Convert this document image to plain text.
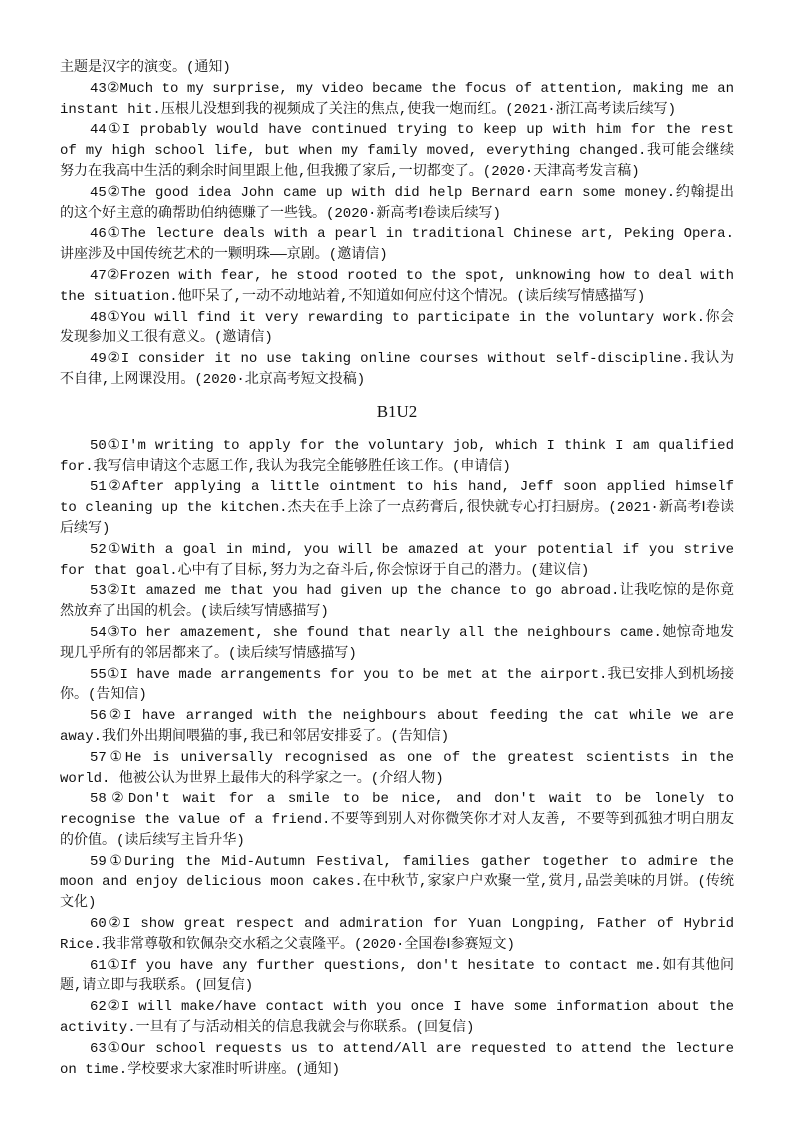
主题是汉字的演变。(通知)

43②Much to my surprise, my video became the focus of attention, making me an instant hit.压根儿没想到我的视频成了关注的焦点,使我一炮而红。(2021·浙江高考读后续写)

44①I probably would have continued trying to keep up with him for the rest of my high school life, but when my family moved, everything changed.我可能会继续努力在我高中生活的剩余时间里跟上他,但我搬了家后,一切都变了。(2020·天津高考发言稿)

45②The good idea John came up with did help Bernard earn some money.约翰提出的这个好主意的确帮助伯纳德赚了一些钱。(2020·新高考Ⅰ卷读后续写)

46①The lecture deals with a pearl in traditional Chinese art, Peking Opera.讲座涉及中国传统艺术的一颗明珠——京剧。(邀请信)

47②Frozen with fear, he stood rooted to the spot, unknowing how to deal with the situation.他吓呆了,一动不动地站着,不知道如何应付这个情况。(读后续写情感描写)

48①You will find it very rewarding to participate in the voluntary work.你会发现参加义工很有意义。(邀请信)

49②I consider it no use taking online courses without self-discipline.我认为不自律,上网课没用。(2020·北京高考短文投稿)

B1U2

50①I'm writing to apply for the voluntary job, which I think I am qualified for.我写信申请这个志愿工作,我认为我完全能够胜任该工作。(申请信)

51②After applying a little ointment to his hand, Jeff soon applied himself to cleaning up the kitchen.杰夫在手上涂了一点药膏后,很快就专心打扫厨房。(2021·新高考Ⅰ卷读后续写)

52①With a goal in mind, you will be amazed at your potential if you strive for that goal.心中有了目标,努力为之奋斗后,你会惊讶于自己的潜力。(建议信)

53②It amazed me that you had given up the chance to go abroad.让我吃惊的是你竟然放弃了出国的机会。(读后续写情感描写)

54③To her amazement, she found that nearly all the neighbours came.她惊奇地发现几乎所有的邻居都来了。(读后续写情感描写)

55①I have made arrangements for you to be met at the airport.我已安排人到机场接你。(告知信)

56②I have arranged with the neighbours about feeding the cat while we are away.我们外出期间喂猫的事,我已和邻居安排妥了。(告知信)

57①He is universally recognised as one of the greatest scientists in the world. 他被公认为世界上最伟大的科学家之一。(介绍人物)

58②Don't wait for a smile to be nice, and don't wait to be lonely to recognise the value of a friend.不要等到别人对你微笑你才对人友善, 不要等到孤独才明白朋友的价值。(读后续写主旨升华)

59①During the Mid-Autumn Festival, families gather together to admire the moon and enjoy delicious moon cakes.在中秋节,家家户户欢聚一堂,赏月,品尝美味的月饼。(传统文化)

60②I show great respect and admiration for Yuan Longping, Father of Hybrid Rice.我非常尊敬和钦佩杂交水稻之父袁隆平。(2020·全国卷Ⅰ参赛短文)

61①If you have any further questions, don't hesitate to contact me.如有其他问题,请立即与我联系。(回复信)

62②I will make/have contact with you once I have some information about the activity.一旦有了与活动相关的信息我就会与你联系。(回复信)

63①Our school requests us to attend/All are requested to attend the lecture on time.学校要求大家准时听讲座。(通知)
